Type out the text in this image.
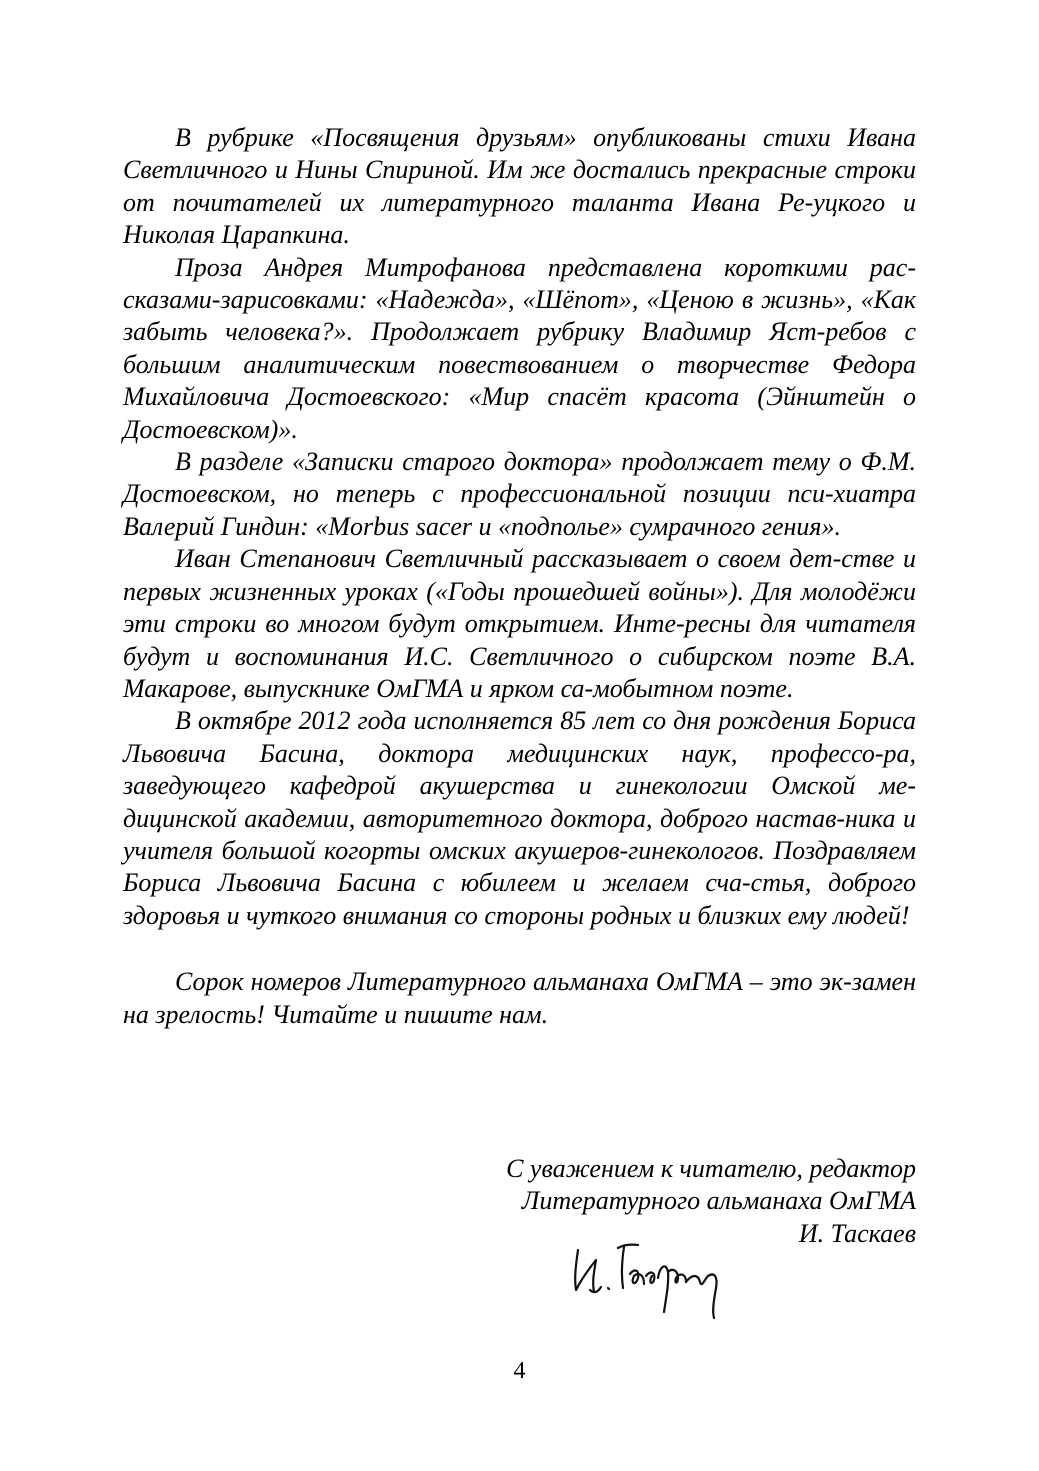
В рубрике «Посвящения друзьям» опубликованы стихи Ивана Светличного и Нины Спириной. Им же достались прекрасные строки от почитателей их литературного таланта Ивана Ре-уцкого и Николая Царапкина.

Проза Андрея Митрофанова представлена короткими рас-сказами-зарисовками: «Надежда», «Шёпот», «Ценою в жизнь», «Как забыть человека?». Продолжает рубрику Владимир Яст-ребов с большим аналитическим повествованием о творчестве Федора Михайловича Достоевского: «Мир спасёт красота (Эйнштейн о Достоевском)».

В разделе «Записки старого доктора» продолжает тему о Ф.М. Достоевском, но теперь с профессиональной позиции пси-хиатра Валерий Гиндин: «Morbus sacer и «подполье» сумрачного гения».

Иван Степанович Светличный рассказывает о своем дет-стве и первых жизненных уроках («Годы прошедшей войны»). Для молодёжи эти строки во многом будут открытием. Инте-ресны для читателя будут и воспоминания И.С. Светличного о сибирском поэте В.А. Макарове, выпускнике ОмГМА и ярком са-мобытном поэте.

В октябре 2012 года исполняется 85 лет со дня рождения Бориса Львовича Басина, доктора медицинских наук, профессо-ра, заведующего кафедрой акушерства и гинекологии Омской ме-дицинской академии, авторитетного доктора, доброго настав-ника и учителя большой когорты омских акушеров-гинекологов. Поздравляем Бориса Львовича Басина с юбилеем и желаем сча-стья, доброго здоровья и чуткого внимания со стороны родных и близких ему людей!

Сорок номеров Литературного альманаха ОмГМА – это эк-замен на зрелость! Читайте и пишите нам.

С уважением к читателю, редактор
Литературного альманаха ОмГМА
И. Таскаев
4
